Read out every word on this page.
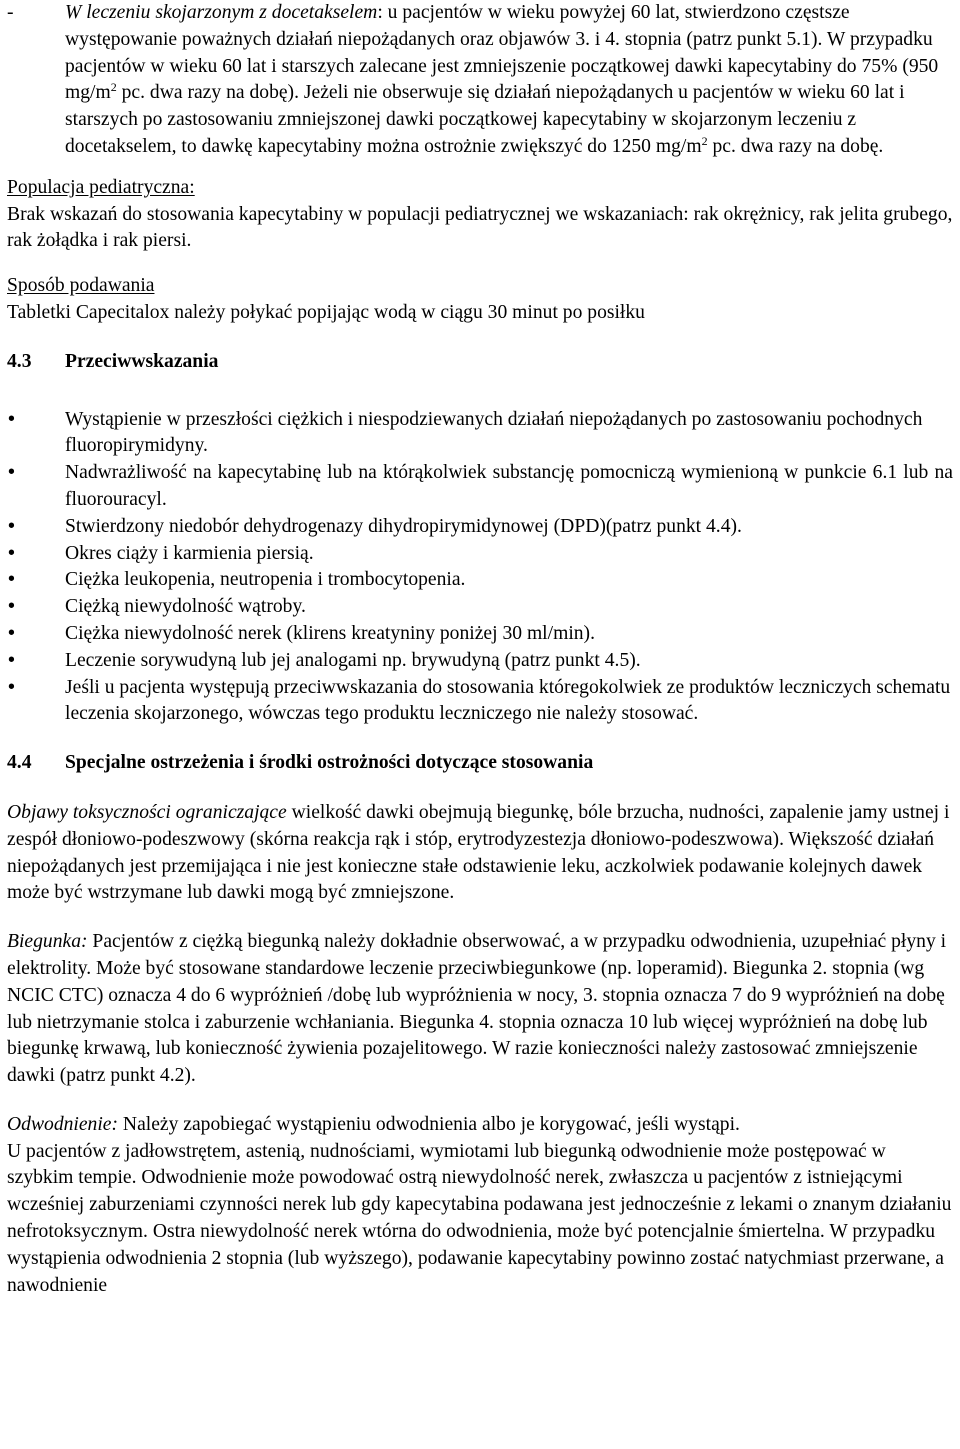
-	W leczeniu skojarzonym z docetakselem: u pacjentów w wieku powyżej 60 lat, stwierdzono częstsze występowanie poważnych działań niepożądanych oraz objawów 3. i 4. stopnia (patrz punkt 5.1). W przypadku pacjentów w wieku 60 lat i starszych zalecane jest zmniejszenie początkowej dawki kapecytabiny do 75% (950 $mg/m^2$ pc. dwa razy na dobę). Jeżeli nie obserwuje się działań niepożądanych u pacjentów w wieku 60 lat i starszych po zastosowaniu zmniejszonej dawki początkowej kapecytabiny w skojarzonym leczeniu z docetakselem, to dawkę kapecytabiny można ostrożnie zwiększyć do 1250 $mg/m^2$ pc. dwa razy na dobę.
Populacja pediatryczna:
Brak wskazań do stosowania kapecytabiny w populacji pediatrycznej we wskazaniach: rak okrężnicy, rak jelita grubego, rak żołądka i rak piersi.
Sposób podawania
Tabletki Capecitalox należy połykać popijając wodą w ciągu 30 minut po posiłku
4.3 Przeciwwskazania
•	Wystąpienie w przeszłości ciężkich i niespodziewanych działań niepożądanych po zastosowaniu pochodnych fluoropirymidyny.
•	Nadwrażliwość na kapecytabinę lub na którąkolwiek substancję pomocniczą wymienioną w punkcie 6.1 lub na fluorouracyl.
•	Stwierdzony niedobór dehydrogenazy dihydropirymidynowej (DPD)(patrz punkt 4.4).
•	Okres ciąży i karmienia piersią.
•	Ciężka leukopenia, neutropenia i trombocytopenia.
•	Ciężką niewydolność wątroby.
•	Ciężka niewydolność nerek (klirens kreatyniny poniżej 30 ml/min).
•	Leczenie sorywudyną lub jej analogami np. brywudyną (patrz punkt 4.5).
•	Jeśli u pacjenta występują przeciwwskazania do stosowania któregokolwiek ze produktów leczniczych schematu leczenia skojarzonego, wówczas tego produktu leczniczego nie należy stosować.
4.4 Specjalne ostrzeżenia i środki ostrożności dotyczące stosowania
Objawy toksyczności ograniczające wielkość dawki obejmują biegunkę, bóle brzucha, nudności, zapalenie jamy ustnej i zespół dłoniowo-podeszwowy (skórna reakcja rąk i stóp, erytrodyzestezja dłoniowo-podeszwowa). Większość działań niepożądanych jest przemijająca i nie jest konieczne stałe odstawienie leku, aczkolwiek podawanie kolejnych dawek może być wstrzymane lub dawki mogą być zmniejszone.
Biegunka: Pacjentów z ciężką biegunką należy dokładnie obserwować, a w przypadku odwodnienia, uzupełniać płyny i elektrolity. Może być stosowane standardowe leczenie przeciwbiegunkowe (np. loperamid). Biegunka 2. stopnia (wg NCIC CTC) oznacza 4 do 6 wypróżnień /dobę lub wypróżnienia w nocy, 3. stopnia oznacza 7 do 9 wypróżnień na dobę lub nietrzymanie stolca i zaburzenie wchłaniania. Biegunka 4. stopnia oznacza 10 lub więcej wypróżnień na dobę lub biegunkę krwawą, lub konieczność żywienia pozajelitowego. W razie konieczności należy zastosować zmniejszenie dawki (patrz punkt 4.2).
Odwodnienie: Należy zapobiegać wystąpieniu odwodnienia albo je korygować, jeśli wystąpi.
U pacjentów z jadłowstrętem, astenią, nudnościami, wymiotami lub biegunką odwodnienie może postępować w szybkim tempie. Odwodnienie może powodować ostrą niewydolność nerek, zwłaszcza u pacjentów z istniejącymi wcześniej zaburzeniami czynności nerek lub gdy kapecytabina podawana jest jednocześnie z lekami o znanym działaniu nefrotoksycznym. Ostra niewydolność nerek wtórna do odwodnienia, może być potencjalnie śmiertelna. W przypadku wystąpienia odwodnienia 2 stopnia (lub wyższego), podawanie kapecytabiny powinno zostać natychmiast przerwane, a nawodnienie
